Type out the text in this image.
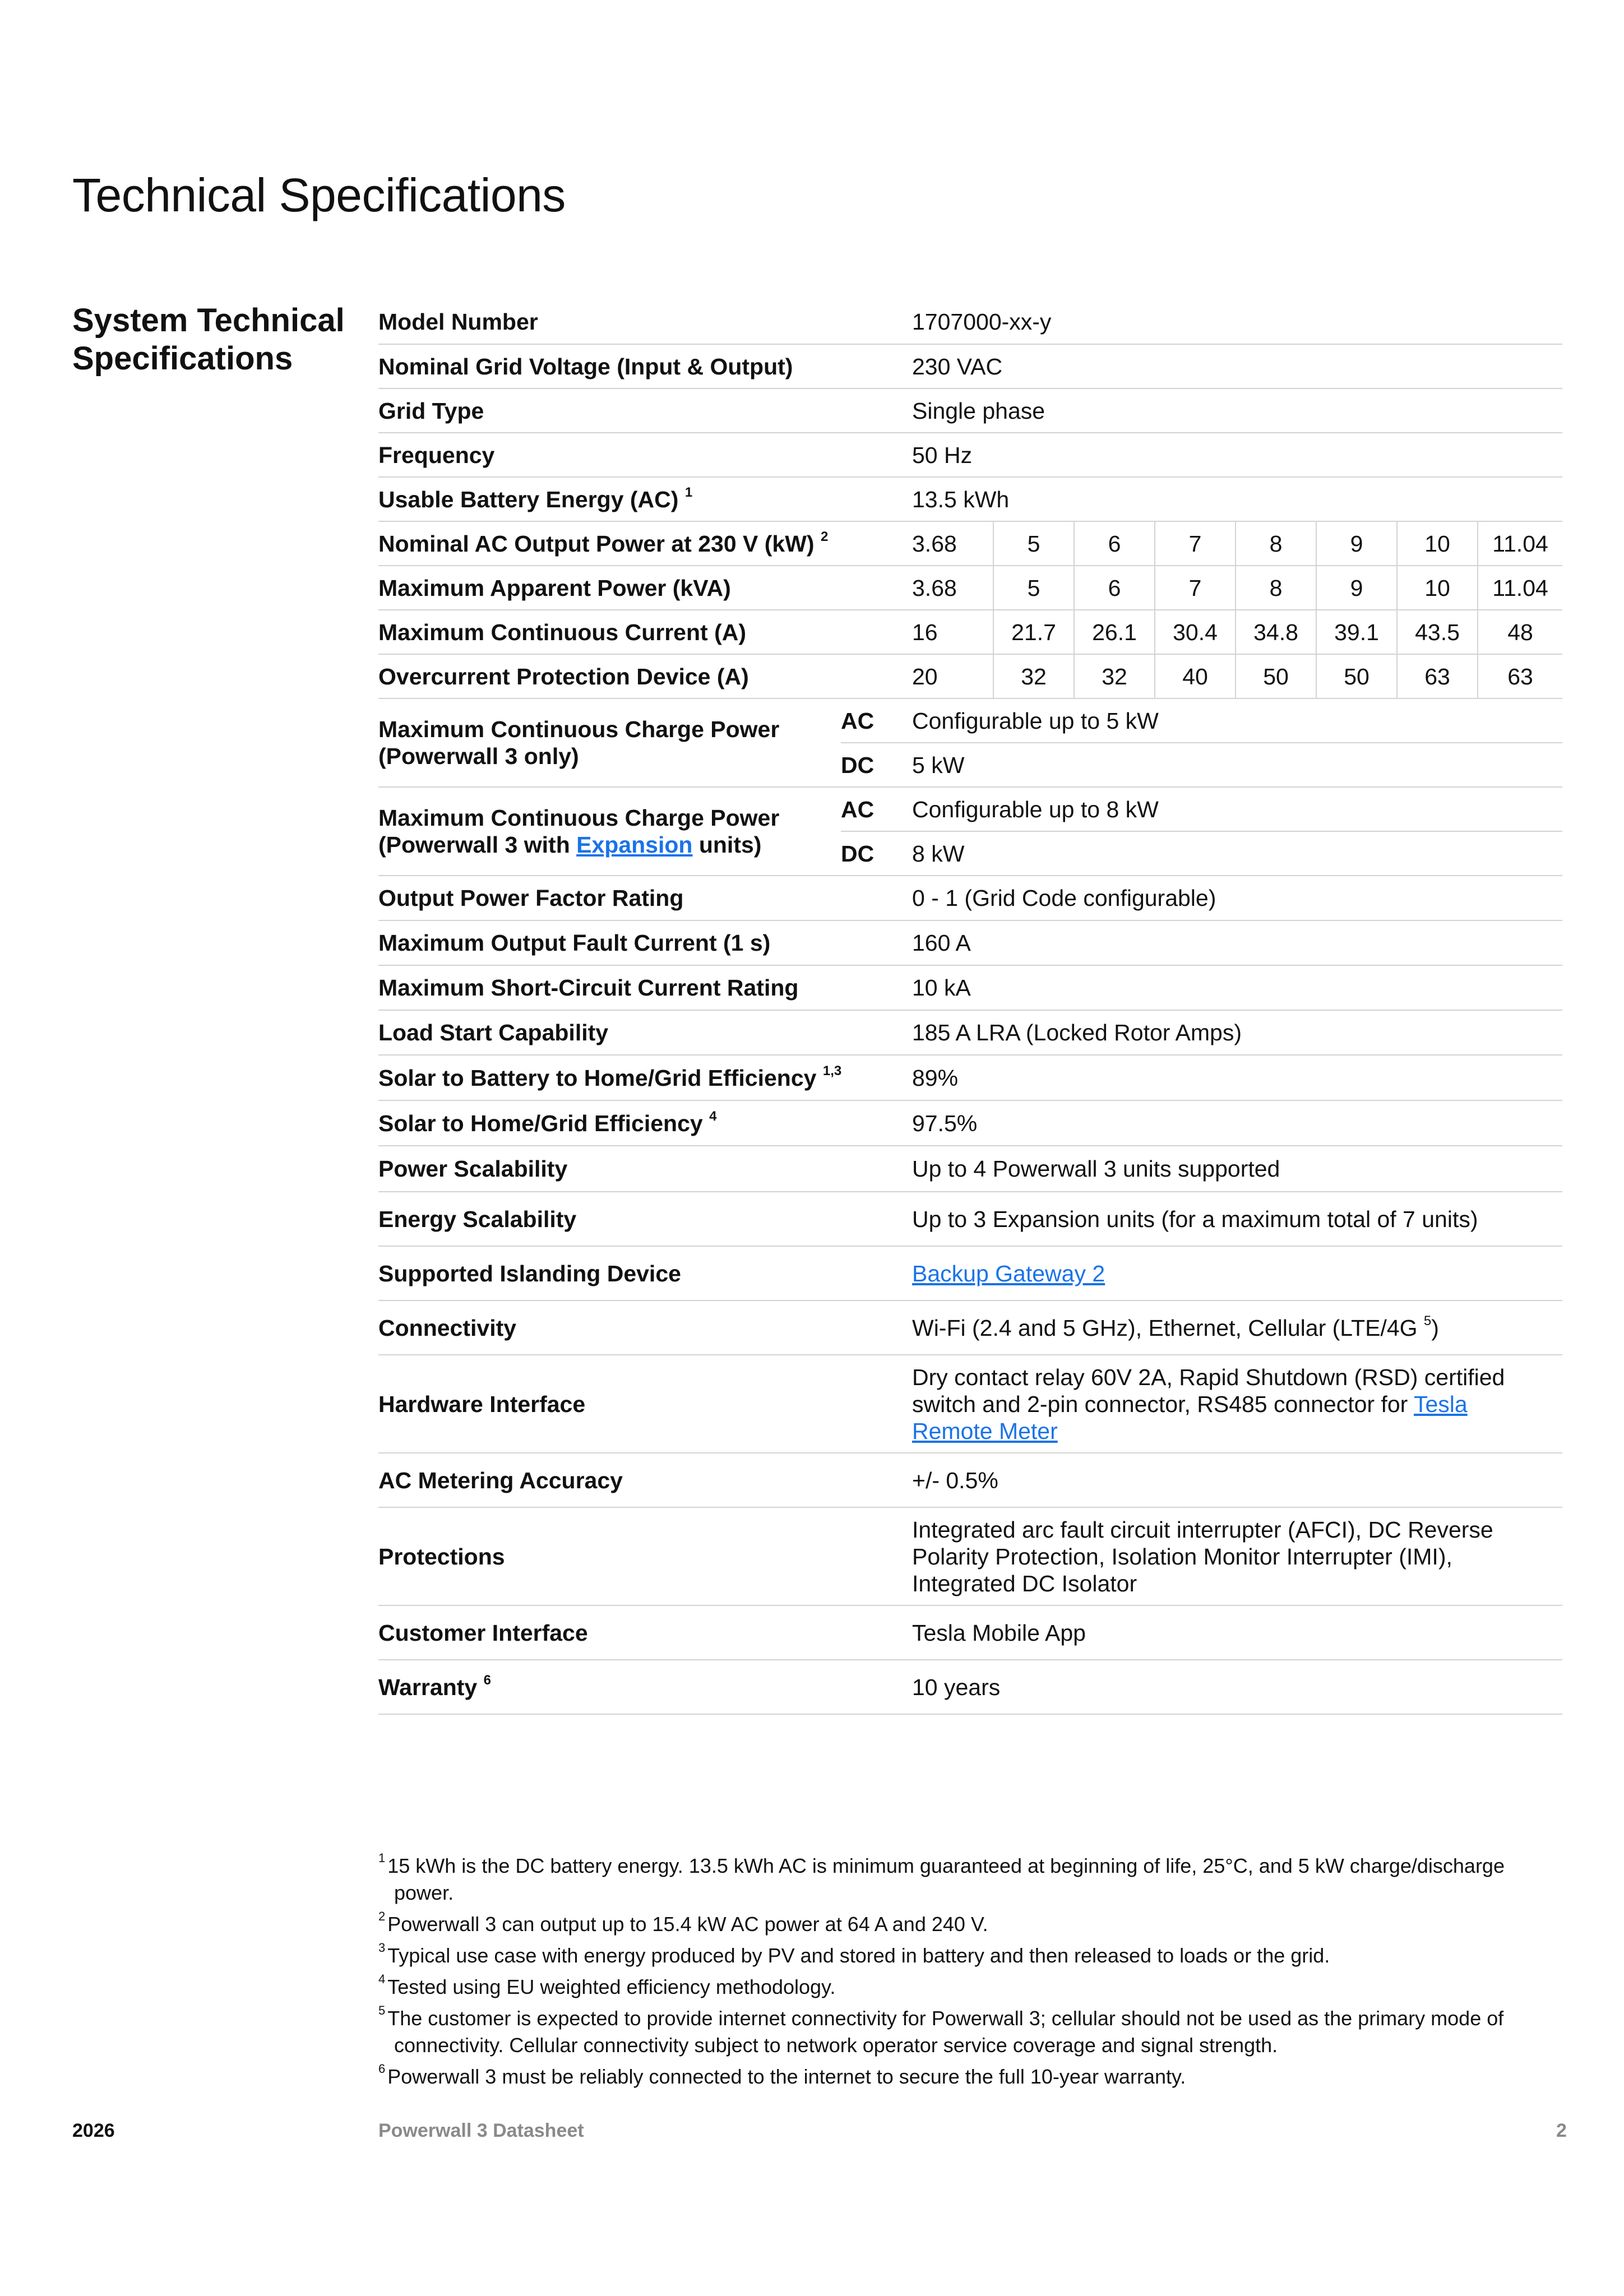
Technical Specifications
System Technical Specifications
Model Number		1707000-xx-y							
Nominal Grid Voltage (Input & Output)		230 VAC							
Grid Type		Single phase							
Frequency		50 Hz							
Usable Battery Energy (AC) $^1$		13.5 kWh							
Nominal AC Output Power at 230 V (kW) $^2$		3.68	5	6	7	8	9	10	11.04
Maximum Apparent Power (kVA)		3.68	5	6	7	8	9	10	11.04
Maximum Continuous Current (A)		16	21.7	26.1	30.4	34.8	39.1	43.5	48
Overcurrent Protection Device (A)		20	32	32	40	50	50	63	63

Maximum Continuous Charge Power
(Powerwall 3 only)	AC	Configurable up to 5 kW							
	DC	5 kW							

Maximum Continuous Charge Power
(Powerwall 3 with Expansion units)	AC	Configurable up to 8 kW							
	DC	8 kW							
Output Power Factor Rating		0 - 1 (Grid Code configurable)							
Maximum Output Fault Current (1 s)		160 A							
Maximum Short-Circuit Current Rating		10 kA							
Load Start Capability		185 A LRA (Locked Rotor Amps)							
Solar to Battery to Home/Grid Efficiency $^{1,3}$		89%							
Solar to Home/Grid Efficiency $^4$		97.5%							
Power Scalability		Up to 4 Powerwall 3 units supported							
Energy Scalability		Up to 3 Expansion units (for a maximum total of 7 units)							
Supported Islanding Device		Backup Gateway 2							
Connectivity		Wi-Fi (2.4 and 5 GHz), Ethernet, Cellular (LTE/4G $^5$)							
Hardware Interface		Dry contact relay 60V 2A, Rapid Shutdown (RSD) certified
switch and 2-pin connector, RS485 connector for Tesla
Remote Meter							

AC Metering Accuracy		+/- 0.5%							
Protections		Integrated arc fault circuit interrupter (AFCI), DC Reverse
Polarity Protection, Isolation Monitor Interrupter (IMI),
Integrated DC Isolator							

Customer Interface		Tesla Mobile App							
Warranty $^6$		10 years							
$^1$ 15 kWh is the DC battery energy. 13.5 kWh AC is minimum guaranteed at beginning of life, 25°C, and 5 kW charge/discharge power.
$^2$ Powerwall 3 can output up to 15.4 kW AC power at 64 A and 240 V.
$^3$ Typical use case with energy produced by PV and stored in battery and then released to loads or the grid.
$^4$ Tested using EU weighted efficiency methodology.
$^5$ The customer is expected to provide internet connectivity for Powerwall 3; cellular should not be used as the primary mode of connectivity. Cellular connectivity subject to network operator service coverage and signal strength.
$^6$ Powerwall 3 must be reliably connected to the internet to secure the full 10-year warranty.
2026	Powerwall 3 Datasheet	2
